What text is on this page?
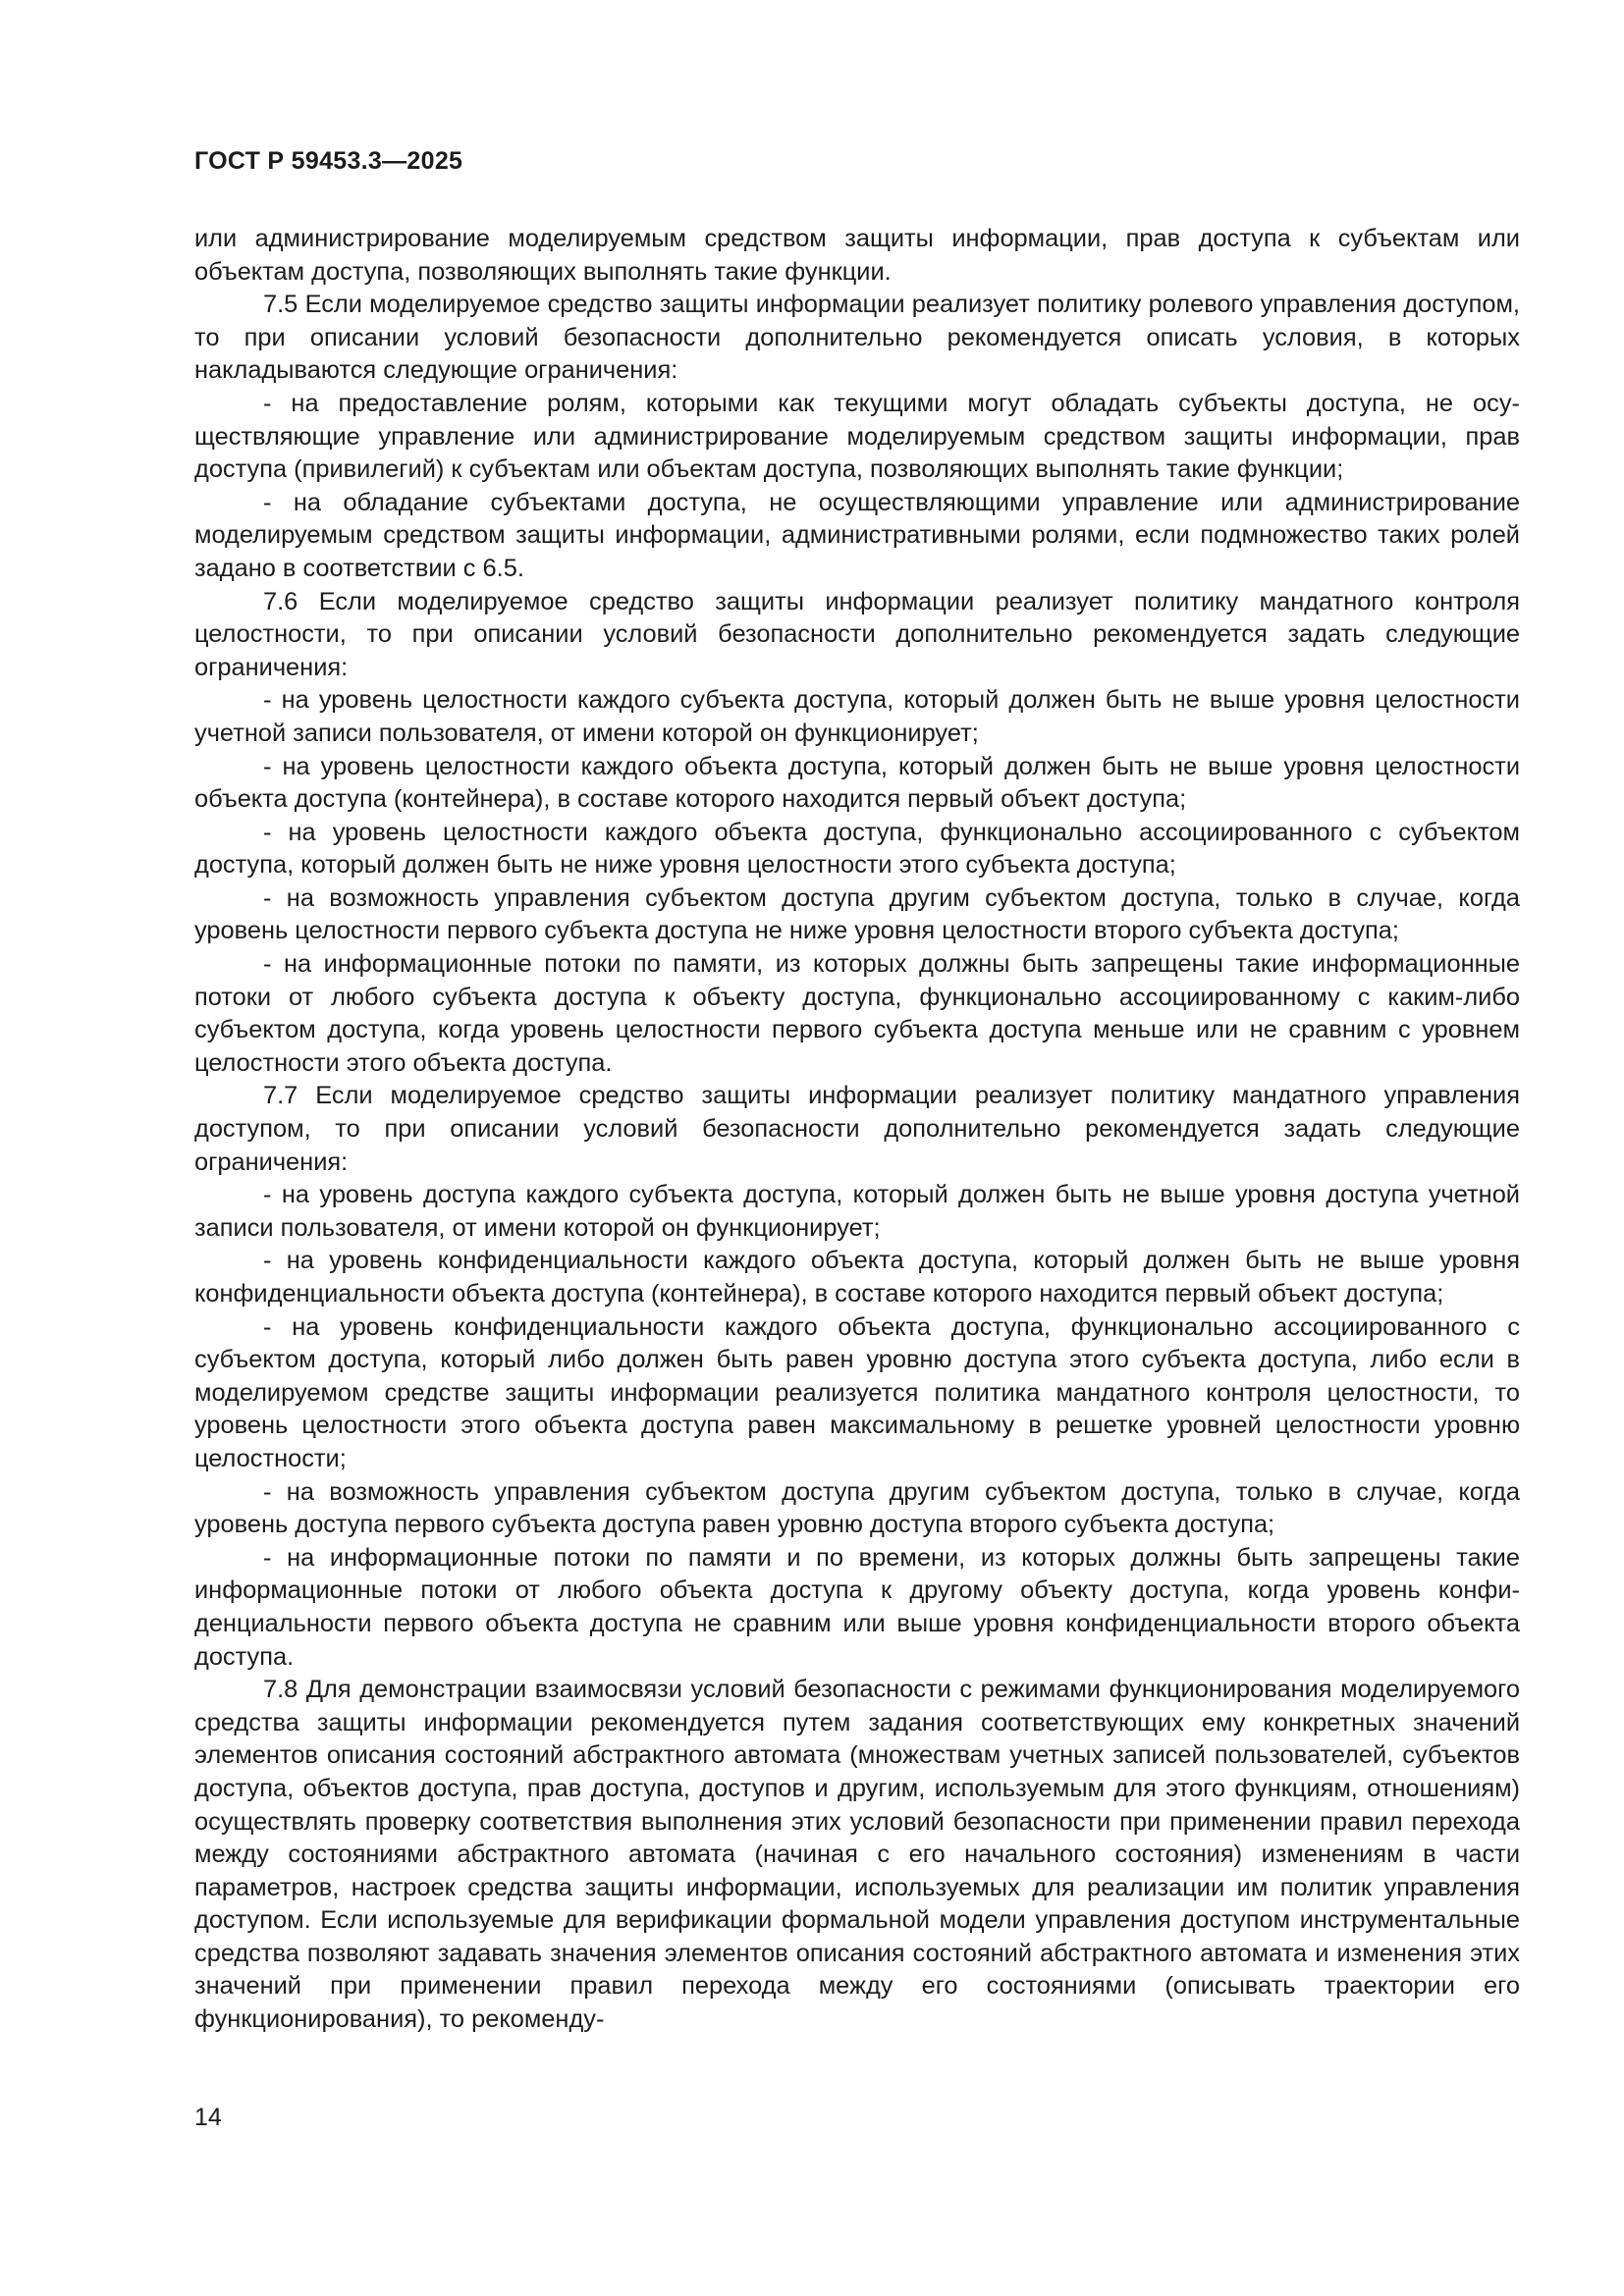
ГОСТ Р 59453.3—2025

или администрирование моделируемым средством защиты информации, прав доступа к субъектам или объектам доступа, позволяющих выполнять такие функции.

7.5 Если моделируемое средство защиты информации реализует политику ролевого управления доступом, то при описании условий безопасности дополнительно рекомендуется описать условия, в которых накладываются следующие ограничения:

- на предоставление ролям, которыми как текущими могут обладать субъекты доступа, не осуществляющие управление или администрирование моделируемым средством защиты информации, прав доступа (привилегий) к субъектам или объектам доступа, позволяющих выполнять такие функции;

- на обладание субъектами доступа, не осуществляющими управление или администрирование моделируемым средством защиты информации, административными ролями, если подмножество таких ролей задано в соответствии с 6.5.

7.6 Если моделируемое средство защиты информации реализует политику мандатного контроля целостности, то при описании условий безопасности дополнительно рекомендуется задать следующие ограничения:

- на уровень целостности каждого субъекта доступа, который должен быть не выше уровня целостности учетной записи пользователя, от имени которой он функционирует;

- на уровень целостности каждого объекта доступа, который должен быть не выше уровня целостности объекта доступа (контейнера), в составе которого находится первый объект доступа;

- на уровень целостности каждого объекта доступа, функционально ассоциированного с субъектом доступа, который должен быть не ниже уровня целостности этого субъекта доступа;

- на возможность управления субъектом доступа другим субъектом доступа, только в случае, когда уровень целостности первого субъекта доступа не ниже уровня целостности второго субъекта доступа;

- на информационные потоки по памяти, из которых должны быть запрещены такие информационные потоки от любого субъекта доступа к объекту доступа, функционально ассоциированному с каким-либо субъектом доступа, когда уровень целостности первого субъекта доступа меньше или не сравним с уровнем целостности этого объекта доступа.

7.7 Если моделируемое средство защиты информации реализует политику мандатного управления доступом, то при описании условий безопасности дополнительно рекомендуется задать следующие ограничения:

- на уровень доступа каждого субъекта доступа, который должен быть не выше уровня доступа учетной записи пользователя, от имени которой он функционирует;

- на уровень конфиденциальности каждого объекта доступа, который должен быть не выше уровня конфиденциальности объекта доступа (контейнера), в составе которого находится первый объект доступа;

- на уровень конфиденциальности каждого объекта доступа, функционально ассоциированного с субъектом доступа, который либо должен быть равен уровню доступа этого субъекта доступа, либо если в моделируемом средстве защиты информации реализуется политика мандатного контроля целостности, то уровень целостности этого объекта доступа равен максимальному в решетке уровней целостности уровню целостности;

- на возможность управления субъектом доступа другим субъектом доступа, только в случае, когда уровень доступа первого субъекта доступа равен уровню доступа второго субъекта доступа;

- на информационные потоки по памяти и по времени, из которых должны быть запрещены такие информационные потоки от любого объекта доступа к другому объекту доступа, когда уровень конфиденциальности первого объекта доступа не сравним или выше уровня конфиденциальности второго объекта доступа.

7.8 Для демонстрации взаимосвязи условий безопасности с режимами функционирования моделируемого средства защиты информации рекомендуется путем задания соответствующих ему конкретных значений элементов описания состояний абстрактного автомата (множествам учетных записей пользователей, субъектов доступа, объектов доступа, прав доступа, доступов и другим, используемым для этого функциям, отношениям) осуществлять проверку соответствия выполнения этих условий безопасности при применении правил перехода между состояниями абстрактного автомата (начиная с его начального состояния) изменениям в части параметров, настроек средства защиты информации, используемых для реализации им политик управления доступом. Если используемые для верификации формальной модели управления доступом инструментальные средства позволяют задавать значения элементов описания состояний абстрактного автомата и изменения этих значений при применении правил перехода между его состояниями (описывать траектории его функционирования), то рекоменду-

14
